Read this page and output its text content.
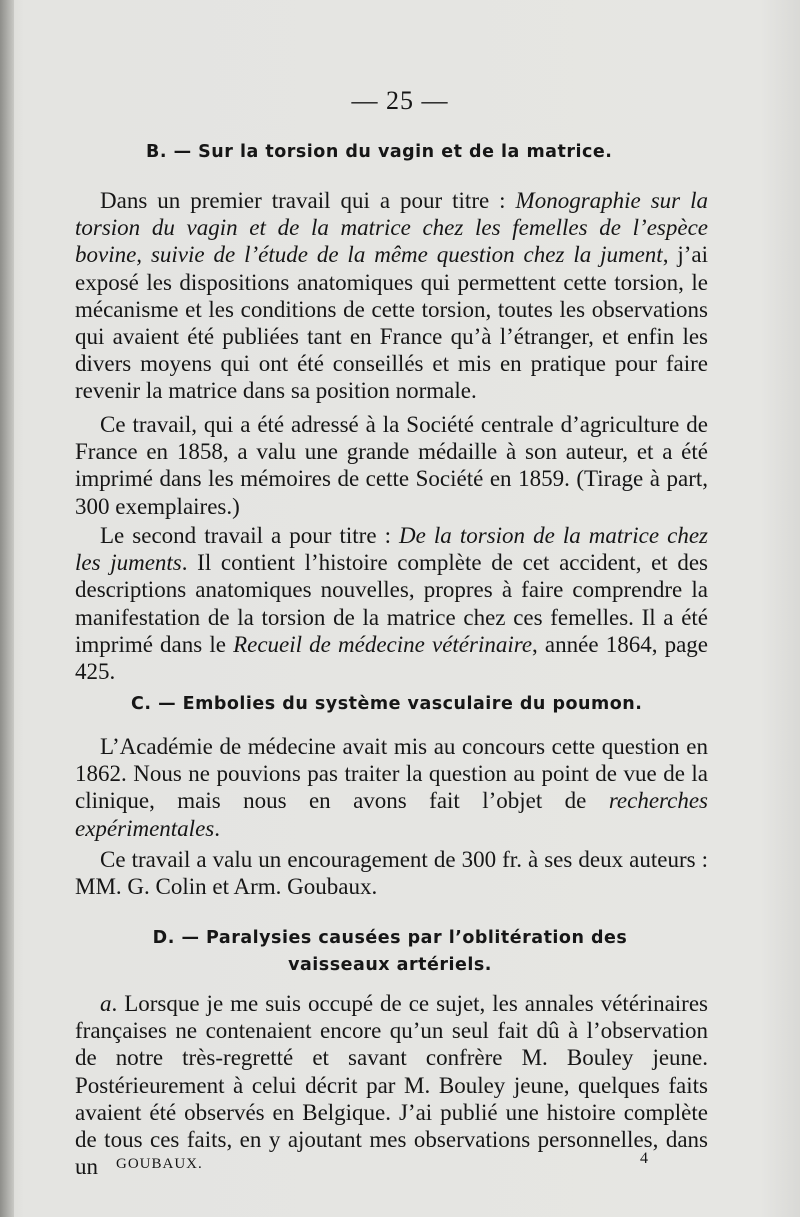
— 25 —
B. — Sur la torsion du vagin et de la matrice.

Dans un premier travail qui a pour titre : Monographie sur la torsion du vagin et de la matrice chez les femelles de l’espèce bovine, suivie de l’étude de la même question chez la jument, j’ai exposé les dispositions anatomiques qui permettent cette torsion, le mécanisme et les conditions de cette torsion, toutes les observations qui avaient été publiées tant en France qu’à l’étranger, et enfin les divers moyens qui ont été conseillés et mis en pratique pour faire revenir la matrice dans sa position normale.

Ce travail, qui a été adressé à la Société centrale d’agriculture de France en 1858, a valu une grande médaille à son auteur, et a été imprimé dans les mémoires de cette Société en 1859. (Tirage à part, 300 exemplaires.)

Le second travail a pour titre : De la torsion de la matrice chez les juments. Il contient l’histoire complète de cet accident, et des descriptions anatomiques nouvelles, propres à faire comprendre la manifestation de la torsion de la matrice chez ces femelles. Il a été imprimé dans le Recueil de médecine vétérinaire, année 1864, page 425.

C. — Embolies du système vasculaire du poumon.

L’Académie de médecine avait mis au concours cette question en 1862. Nous ne pouvions pas traiter la question au point de vue de la clinique, mais nous en avons fait l’objet de recherches expérimentales.

Ce travail a valu un encouragement de 300 fr. à ses deux auteurs : MM. G. Colin et Arm. Goubaux.

D. — Paralysies causées par l’oblitération des vaisseaux artériels.

a. Lorsque je me suis occupé de ce sujet, les annales vétérinaires françaises ne contenaient encore qu’un seul fait dû à l’observation de notre très-regretté et savant confrère M. Bouley jeune. Postérieurement à celui décrit par M. Bouley jeune, quelques faits avaient été observés en Belgique. J’ai publié une histoire complète de tous ces faits, en y ajoutant mes observations personnelles, dans un	GOUBAUX.	4
